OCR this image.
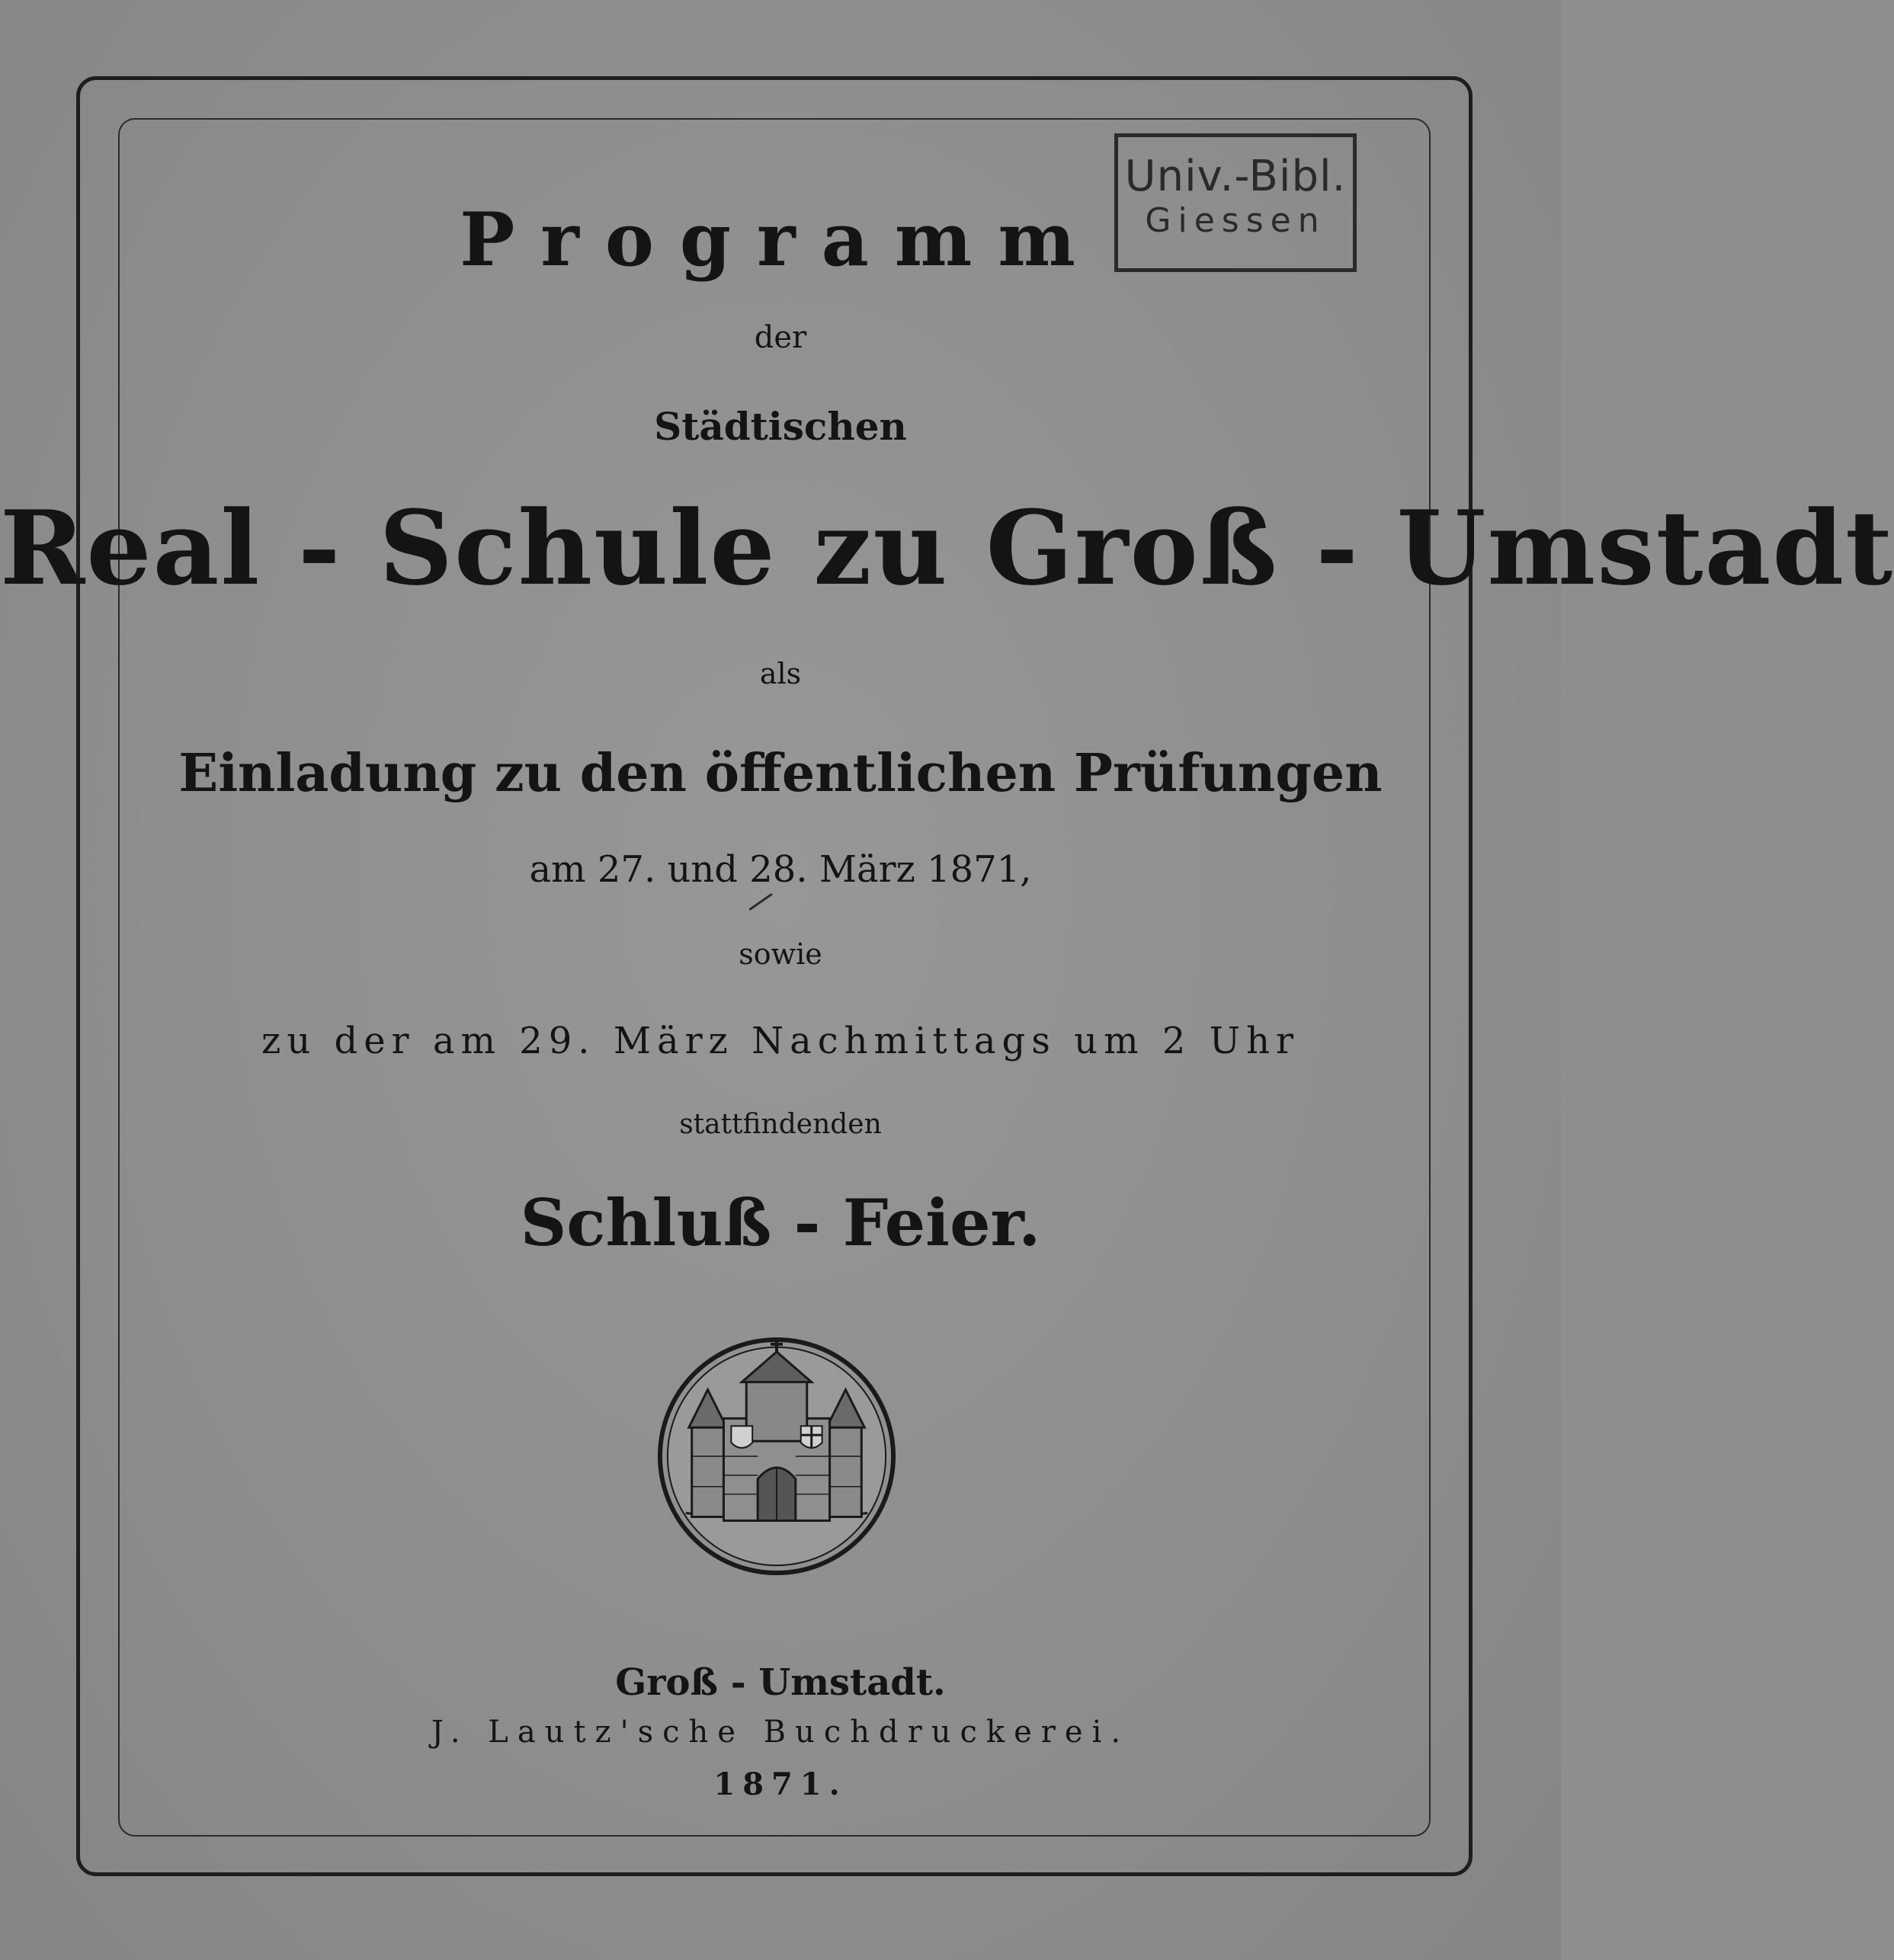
Univ.-Bibl.
Giessen
Programm
der
Städtischen
Real - Schule zu Groß - Umstadt
als
Einladung zu den öffentlichen Prüfungen
am 27. und 28. März 1871,
sowie
zu der am 29. März Nachmittags um 2 Uhr
stattfindenden
Schluß - Feier.
Groß - Umstadt.
J. Lautz'sche Buchdruckerei.
1871.
